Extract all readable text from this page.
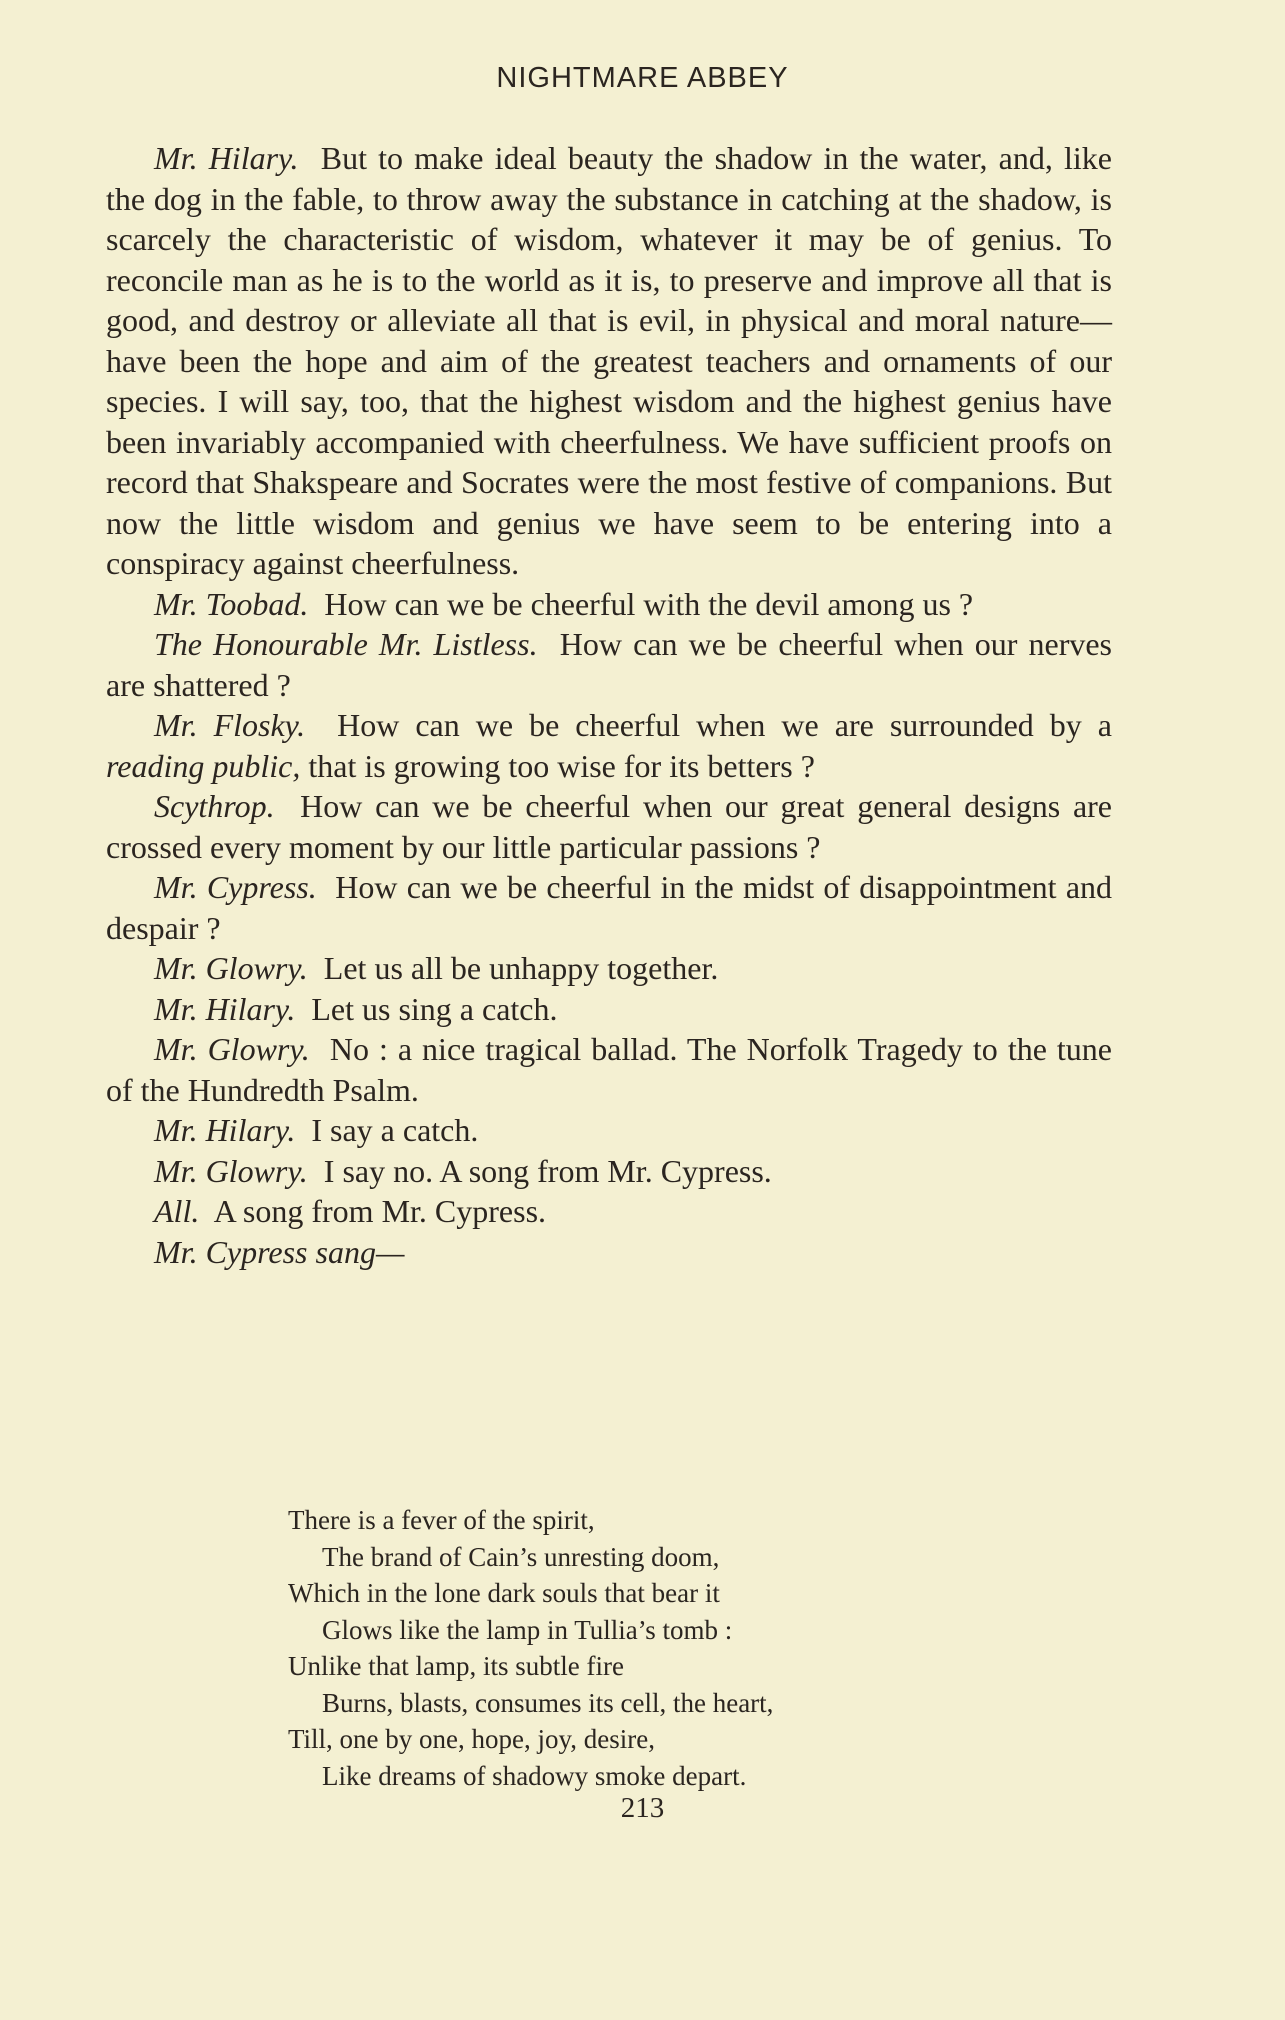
NIGHTMARE ABBEY

Mr. Hilary. But to make ideal beauty the shadow in the water, and, like the dog in the fable, to throw away the substance in catching at the shadow, is scarcely the characteristic of wisdom, whatever it may be of genius. To reconcile man as he is to the world as it is, to preserve and improve all that is good, and destroy or alleviate all that is evil, in physical and moral nature—have been the hope and aim of the greatest teachers and ornaments of our species. I will say, too, that the highest wisdom and the highest genius have been invariably accompanied with cheerfulness. We have sufficient proofs on record that Shakspeare and Socrates were the most festive of companions. But now the little wisdom and genius we have seem to be entering into a conspiracy against cheerfulness.

Mr. Toobad. How can we be cheerful with the devil among us ?

The Honourable Mr. Listless. How can we be cheerful when our nerves are shattered ?

Mr. Flosky. How can we be cheerful when we are surrounded by a reading public, that is growing too wise for its betters ?

Scythrop. How can we be cheerful when our great general designs are crossed every moment by our little particular passions ?

Mr. Cypress. How can we be cheerful in the midst of disappointment and despair ?

Mr. Glowry. Let us all be unhappy together.

Mr. Hilary. Let us sing a catch.

Mr. Glowry. No : a nice tragical ballad. The Norfolk Tragedy to the tune of the Hundredth Psalm.

Mr. Hilary. I say a catch.

Mr. Glowry. I say no. A song from Mr. Cypress.

All. A song from Mr. Cypress.

Mr. Cypress sang—

There is a fever of the spirit,
The brand of Cain’s unresting doom,
Which in the lone dark souls that bear it
Glows like the lamp in Tullia’s tomb :
Unlike that lamp, its subtle fire
Burns, blasts, consumes its cell, the heart,
Till, one by one, hope, joy, desire,
Like dreams of shadowy smoke depart.
213
